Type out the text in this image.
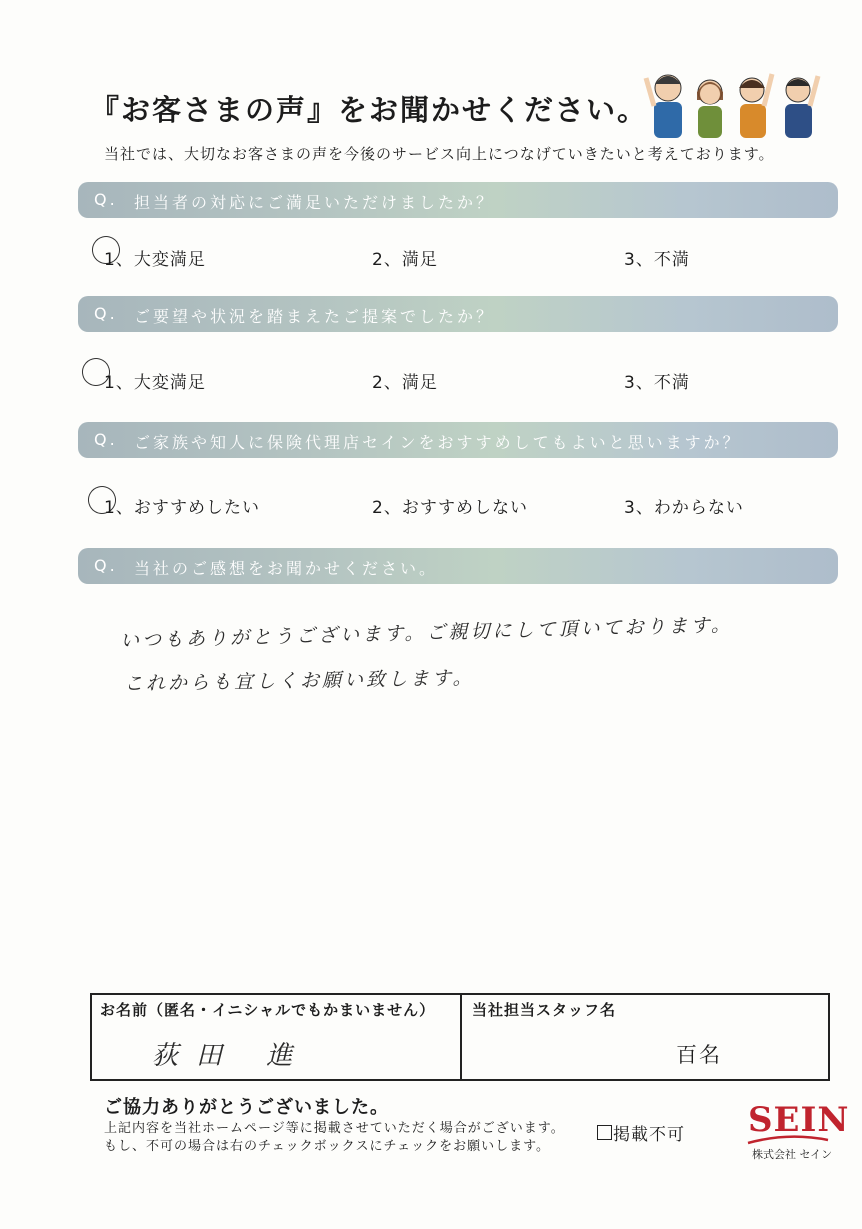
『お客さまの声』をお聞かせください。
当社では、大切なお客さまの声を今後のサービス向上につなげていきたいと考えております。
Q. 担当者の対応にご満足いただけましたか？
1、大変満足	2、満足	3、不満
Q. ご要望や状況を踏まえたご提案でしたか？
1、大変満足	2、満足	3、不満
Q. ご家族や知人に保険代理店セインをおすすめしてもよいと思いますか？
1、おすすめしたい	2、おすすめしない	3、わからない
Q. 当社のご感想をお聞かせください。
いつもありがとうございます。ご親切にして頂いております。
これからも宜しくお願い致します。
お名前（匿名・イニシャルでもかまいません）
荻田 進
当社担当スタッフ名
百名
ご協力ありがとうございました。
上記内容を当社ホームページ等に掲載させていただく場合がございます。
もし、不可の場合は右のチェックボックスにチェックをお願いします。
掲載不可 SEIN
株式会社 セイン
